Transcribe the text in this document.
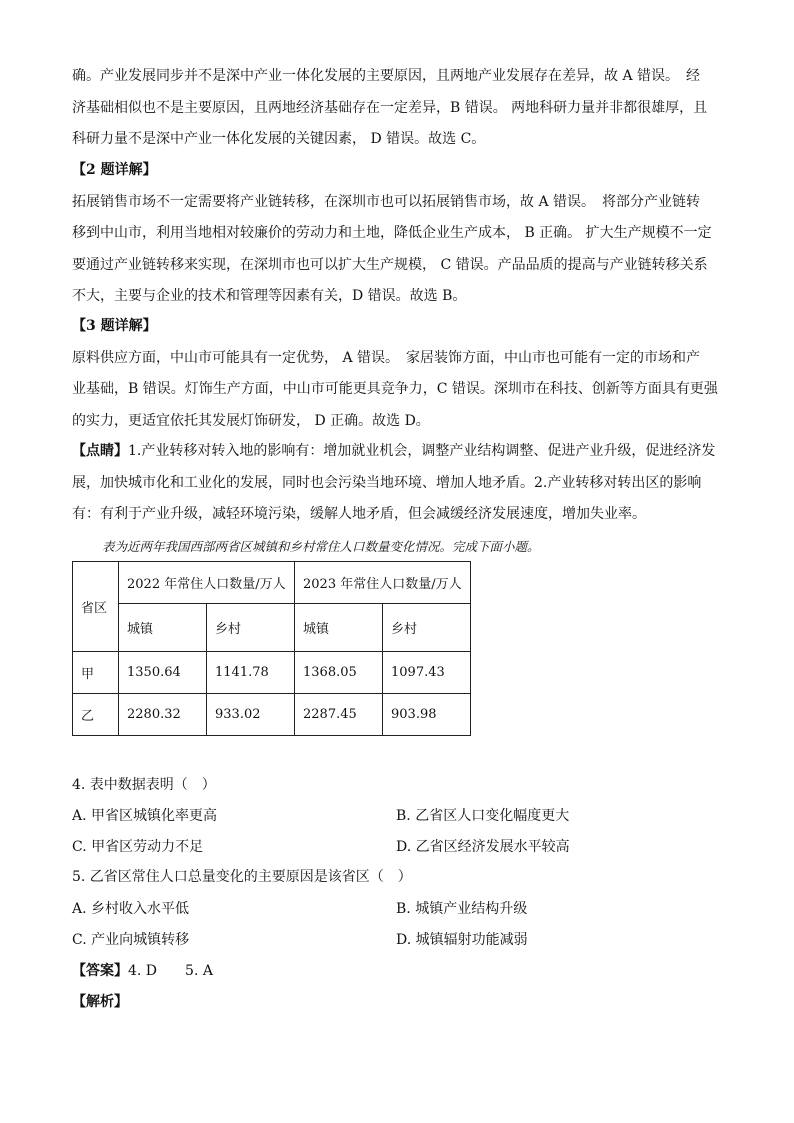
确。产业发展同步并不是深中产业一体化发展的主要原因，且两地产业发展存在差异，故 A 错误。　经
济基础相似也不是主要原因，且两地经济基础存在一定差异，B 错误。 两地科研力量并非都很雄厚，且
科研力量不是深中产业一体化发展的关键因素， D 错误。故选 C。
【2 题详解】
拓展销售市场不一定需要将产业链转移，在深圳市也可以拓展销售市场，故 A 错误。　将部分产业链转
移到中山市，利用当地相对较廉价的劳动力和土地，降低企业生产成本， B 正确。 扩大生产规模不一定
要通过产业链转移来实现，在深圳市也可以扩大生产规模， C 错误。产品品质的提高与产业链转移关系
不大，主要与企业的技术和管理等因素有关，D 错误。故选 B。
【3 题详解】
原料供应方面，中山市可能具有一定优势， A 错误。　家居装饰方面，中山市也可能有一定的市场和产
业基础，B 错误。灯饰生产方面，中山市可能更具竞争力，C 错误。深圳市在科技、创新等方面具有更强
的实力，更适宜依托其发展灯饰研发， D 正确。故选 D。
【点睛】1.产业转移对转入地的影响有：增加就业机会，调整产业结构调整、促进产业升级，促进经济发
展，加快城市化和工业化的发展，同时也会污染当地环境、增加人地矛盾。2.产业转移对转出区的影响
有：有利于产业升级，减轻环境污染，缓解人地矛盾，但会减缓经济发展速度，增加失业率。
表为近两年我国西部两省区城镇和乡村常住人口数量变化情况。完成下面小题。
省区	2022 年常住人口数量/万人		2023 年常住人口数量/万人	
	城镇	乡村	城镇	乡村
甲	1350.64	1141.78	1368.05	1097.43
乙	2280.32	933.02	2287.45	903.98
4. 表中数据表明（　）
A. 甲省区城镇化率更高	B. 乙省区人口变化幅度更大
C. 甲省区劳动力不足	D. 乙省区经济发展水平较高
5. 乙省区常住人口总量变化的主要原因是该省区（　）
A. 乡村收入水平低	B. 城镇产业结构升级
C. 产业向城镇转移	D. 城镇辐射功能减弱
【答案】4. D　　5. A
【解析】
